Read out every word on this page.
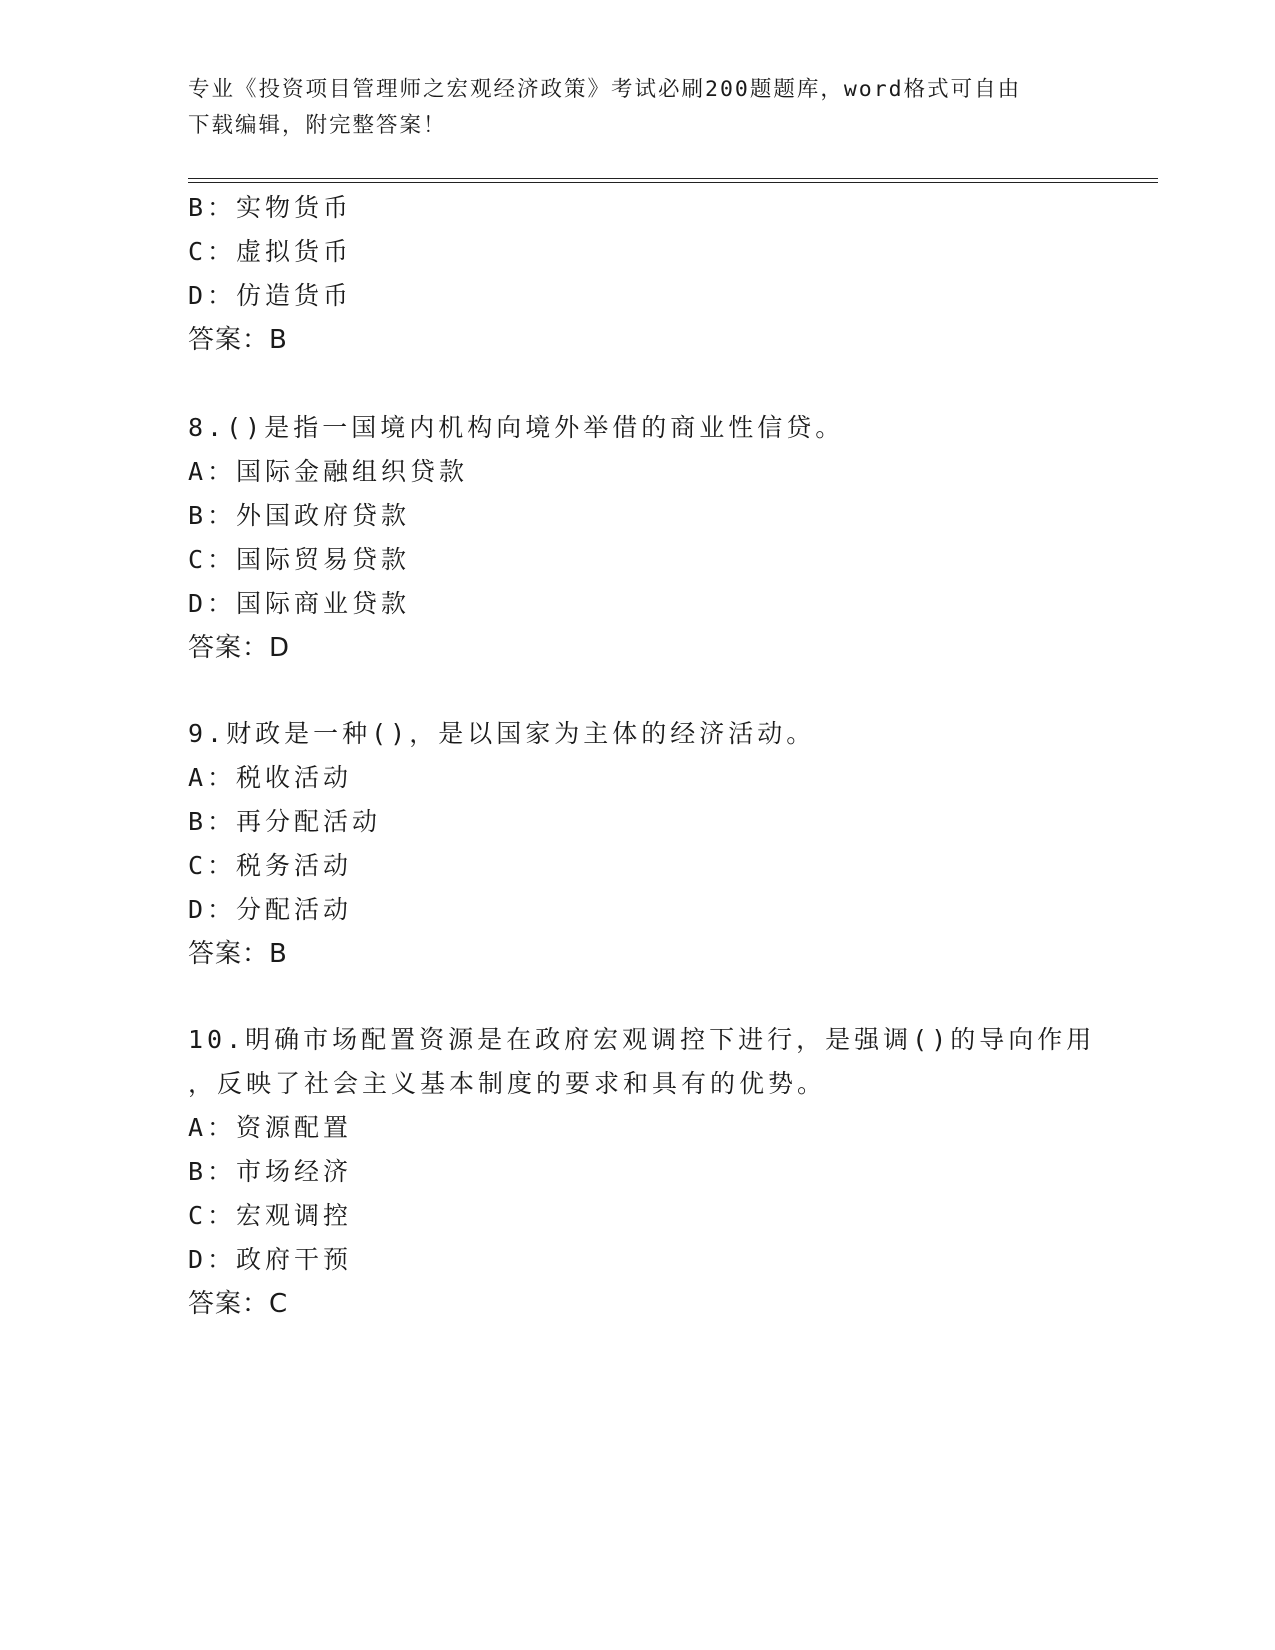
专业《投资项目管理师之宏观经济政策》考试必刷200题题库，word格式可自由
下载编辑，附完整答案！
B：实物货币
C：虚拟货币
D：仿造货币
答案：B
8.()是指一国境内机构向境外举借的商业性信贷。
A：国际金融组织贷款
B：外国政府贷款
C：国际贸易贷款
D：国际商业贷款
答案：D
9.财政是一种()，是以国家为主体的经济活动。
A：税收活动
B：再分配活动
C：税务活动
D：分配活动
答案：B
10.明确市场配置资源是在政府宏观调控下进行，是强调()的导向作用
，反映了社会主义基本制度的要求和具有的优势。
A：资源配置
B：市场经济
C：宏观调控
D：政府干预
答案：C
